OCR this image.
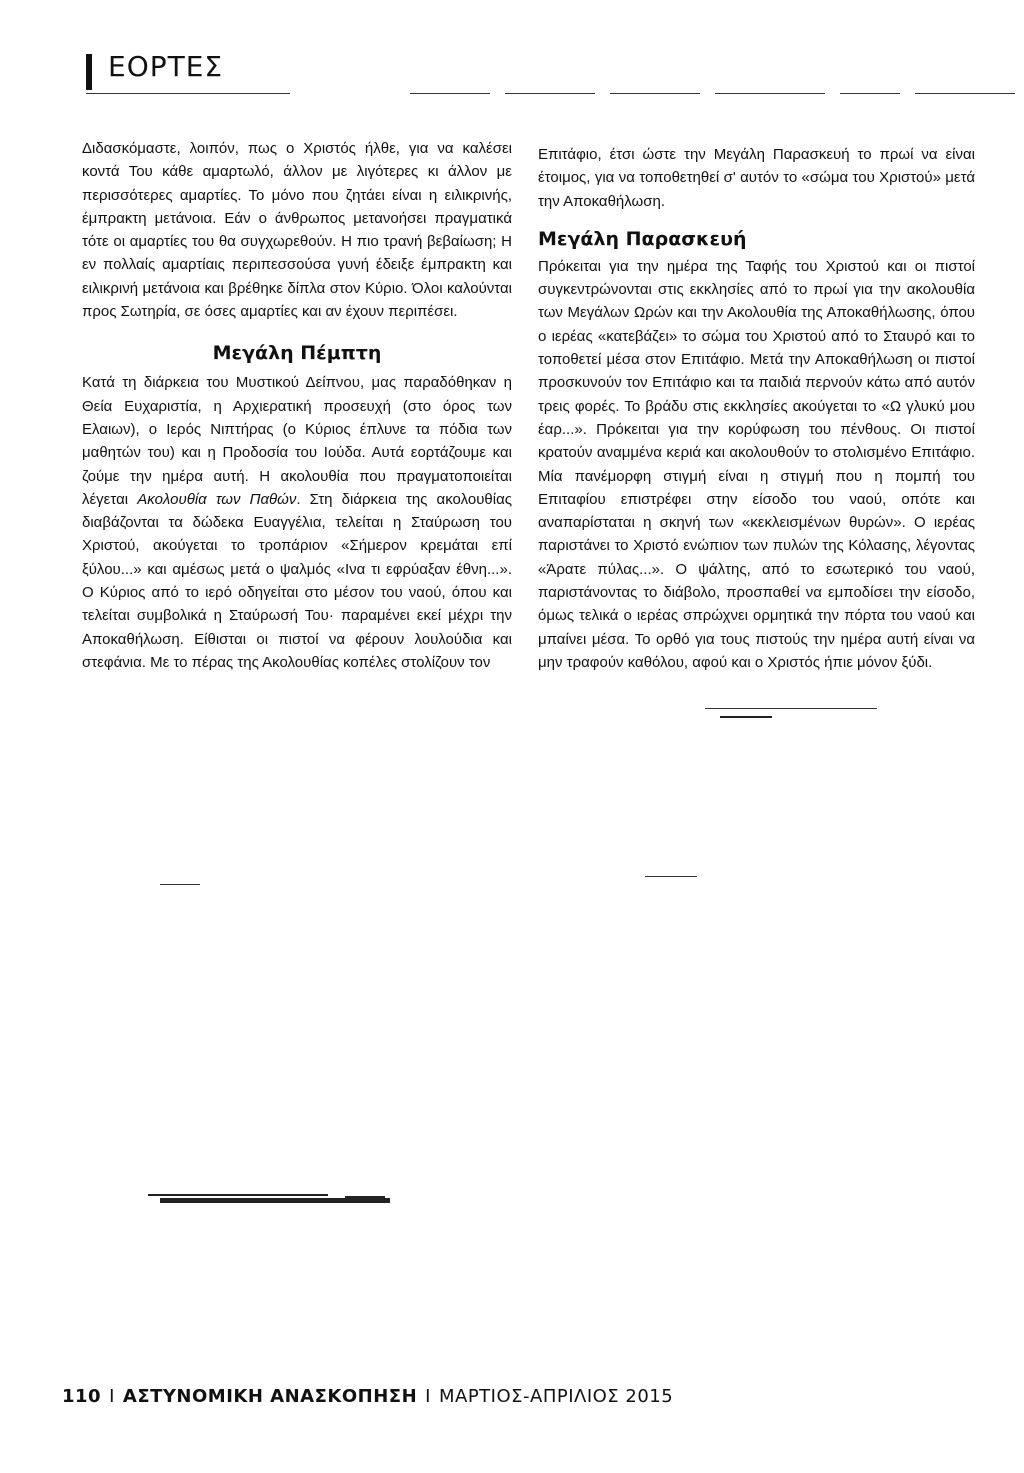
ΕΟΡΤΕΣ

Διδασκόμαστε, λοιπόν, πως ο Χριστός ήλθε, για να καλέσει κοντά Του κάθε αμαρτωλό, άλλον με λιγότερες κι άλλον με περισσότερες αμαρτίες. Το μόνο που ζητάει είναι η ειλικρινής, έμπρακτη μετάνοια. Εάν ο άνθρωπος μετανοήσει πραγματικά τότε οι αμαρτίες του θα συγχωρεθούν. Η πιο τρανή βεβαίωση; Η εν πολλαίς αμαρτίαις περιπεσσούσα γυνή έδειξε έμπρακτη και ειλικρινή μετάνοια και βρέθηκε δίπλα στον Κύριο. Όλοι καλούνται προς Σωτηρία, σε όσες αμαρτίες και αν έχουν περιπέσει.

Μεγάλη Πέμπτη

Κατά τη διάρκεια του Μυστικού Δείπνου, μας παραδόθηκαν η Θεία Ευχαριστία, η Αρχιερατική προσευχή (στο όρος των Ελαιων), ο Ιερός Νιπτήρας (ο Κύριος έπλυνε τα πόδια των μαθητών του) και η Προδοσία του Ιούδα. Αυτά εορτάζουμε και ζούμε την ημέρα αυτή. Η ακολουθία που πραγματοποιείται λέγεται Ακολουθία των Παθών. Στη διάρκεια της ακολουθίας διαβάζονται τα δώδεκα Ευαγγέλια, τελείται η Σταύρωση του Χριστού, ακούγεται το τροπάριον «Σήμερον κρεμάται επί ξύλου...» και αμέσως μετά ο ψαλμός «Ινα τι εφρύαξαν έθνη...». Ο Κύριος από το ιερό οδηγείται στο μέσον του ναού, όπου και τελείται συμβολικά η Σταύρωσή Του· παραμένει εκεί μέχρι την Αποκαθήλωση. Είθισται οι πιστοί να φέρουν λουλούδια και στεφάνια. Με το πέρας της Ακολουθίας κοπέλες στολίζουν τον

Επιτάφιο, έτσι ώστε την Μεγάλη Παρασκευή το πρωί να είναι έτοιμος, για να τοποθετηθεί σ' αυτόν το «σώμα του Χριστού» μετά την Αποκαθήλωση.

Μεγάλη Παρασκευή

Πρόκειται για την ημέρα της Ταφής του Χριστού και οι πιστοί συγκεντρώνονται στις εκκλησίες από το πρωί για την ακολουθία των Μεγάλων Ωρών και την Ακολουθία της Αποκαθήλωσης, όπου ο ιερέας «κατεβάζει» το σώμα του Χριστού από το Σταυρό και το τοποθετεί μέσα στον Επιτάφιο. Μετά την Αποκαθήλωση οι πιστοί προσκυνούν τον Επιτάφιο και τα παιδιά περνούν κάτω από αυτόν τρεις φορές. Το βράδυ στις εκκλησίες ακούγεται το «Ω γλυκύ μου έαρ...». Πρόκειται για την κορύφωση του πένθους. Οι πιστοί κρατούν αναμμένα κεριά και ακολουθούν το στολισμένο Επιτάφιο. Μία πανέμορφη στιγμή είναι η στιγμή που η πομπή του Επιταφίου επιστρέφει στην είσοδο του ναού, οπότε και αναπαρίσταται η σκηνή των «κεκλεισμένων θυρών». Ο ιερέας παριστάνει το Χριστό ενώπιον των πυλών της Κόλασης, λέγοντας «Άρατε πύλας...». Ο ψάλτης, από το εσωτερικό του ναού, παριστάνοντας το διάβολο, προσπαθεί να εμποδίσει την είσοδο, όμως τελικά ο ιερέας σπρώχνει ορμητικά την πόρτα του ναού και μπαίνει μέσα. Το ορθό για τους πιστούς την ημέρα αυτή είναι να μην τραφούν καθόλου, αφού και ο Χριστός ήπιε μόνον ξύδι.

110 I ΑΣΤΥΝΟΜΙΚΗ ΑΝΑΣΚΟΠΗΣΗ I ΜΑΡΤΙΟΣ-ΑΠΡΙΛΙΟΣ 2015
